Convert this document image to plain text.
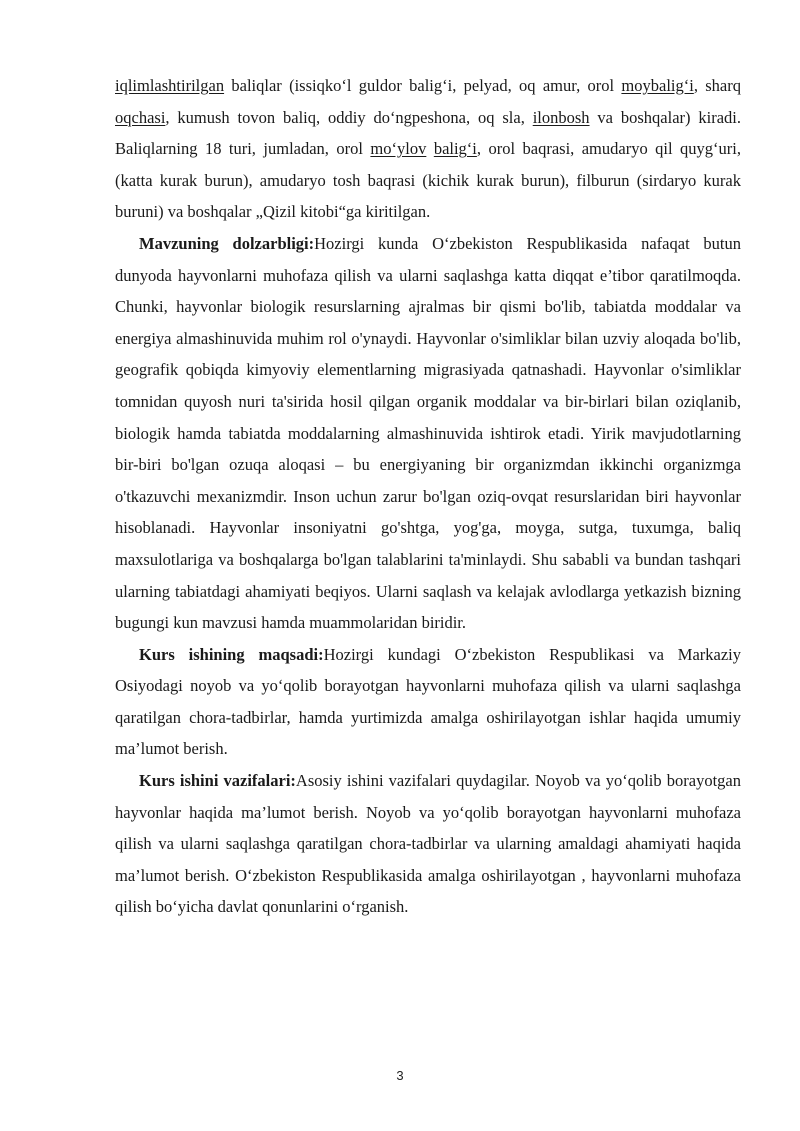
iqlimlashtirilgan baliqlar (issiqko‘l guldor balig‘i, pelyad, oq amur, orol moybalig‘i, sharq oqchasi, kumush tovon baliq, oddiy do‘ngpeshona, oq sla, ilonbosh va boshqalar) kiradi. Baliqlarning 18 turi, jumladan, orol mo‘ylov balig‘i, orol baqrasi, amudaryo qil quyg‘uri, (katta kurak burun), amudaryo tosh baqrasi (kichik kurak burun), filburun (sirdaryo kurak buruni) va boshqalar „Qizil kitobi“ga kiritilgan.

Mavzuning dolzarbligi:Hozirgi kunda O‘zbekiston Respublikasida nafaqat butun dunyoda hayvonlarni muhofaza qilish va ularni saqlashga katta diqqat e’tibor qaratilmoqda. Chunki, hayvonlar biologik resurslarning ajralmas bir qismi bo'lib, tabiatda moddalar va energiya almashinuvida muhim rol o'ynaydi. Hayvonlar o'simliklar bilan uzviy aloqada bo'lib, geografik qobiqda kimyoviy elementlarning migrasiyada qatnashadi. Hayvonlar o'simliklar tomnidan quyosh nuri ta'sirida hosil qilgan organik moddalar va bir-birlari bilan oziqlanib, biologik hamda tabiatda moddalarning almashinuvida ishtirok etadi. Yirik mavjudotlarning bir-biri bo'lgan ozuqa aloqasi – bu energiyaning bir organizmdan ikkinchi organizmga o'tkazuvchi mexanizmdir. Inson uchun zarur bo'lgan oziq-ovqat resurslaridan biri hayvonlar hisoblanadi. Hayvonlar insoniyatni go'shtga, yog'ga, moyga, sutga, tuxumga, baliq maxsulotlariga va boshqalarga bo'lgan talablarini ta'minlaydi. Shu sababli va bundan tashqari ularning tabiatdagi ahamiyati beqiyos. Ularni saqlash va kelajak avlodlarga yetkazish bizning bugungi kun mavzusi hamda muammolaridan biridir.

Kurs ishining maqsadi:Hozirgi kundagi O‘zbekiston Respublikasi va Markaziy Osiyodagi noyob va yo‘qolib borayotgan hayvonlarni muhofaza qilish va ularni saqlashga qaratilgan chora-tadbirlar, hamda yurtimizda amalga oshirilayotgan ishlar haqida umumiy ma’lumot berish.

Kurs ishini vazifalari:Asosiy ishini vazifalari quydagilar. Noyob va yo‘qolib borayotgan hayvonlar haqida ma’lumot berish. Noyob va yo‘qolib borayotgan hayvonlarni muhofaza qilish va ularni saqlashga qaratilgan chora-tadbirlar va ularning amaldagi ahamiyati haqida ma’lumot berish. O‘zbekiston Respublikasida amalga oshirilayotgan , hayvonlarni muhofaza qilish bo‘yicha davlat qonunlarini o‘rganish.

3
